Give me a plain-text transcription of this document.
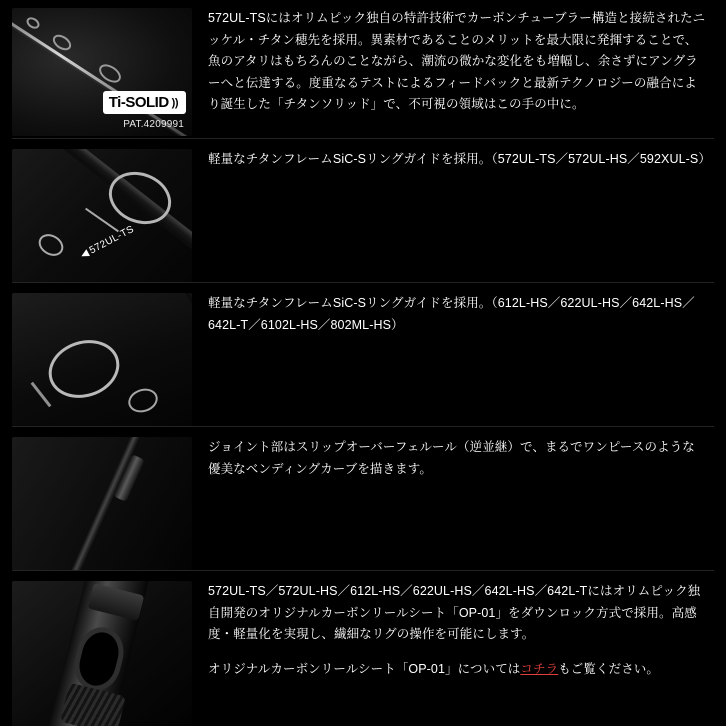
Ti-SOLID ))
PAT.4209991

572UL-TSにはオリムピック独自の特許技術でカーボンチューブラー構造と接続されたニッケル・チタン穂先を採用。異素材であることのメリットを最大限に発揮することで、魚のアタリはもちろんのことながら、潮流の微かな変化をも増幅し、余さずにアングラーへと伝達する。度重なるテストによるフィードバックと最新テクノロジーの融合により誕生した「チタンソリッド」で、不可視の領域はこの手の中に。

◀572UL-TS

軽量なチタンフレームSiC-Sリングガイドを採用。（572UL-TS／572UL-HS／592XUL-S）

軽量なチタンフレームSiC-Sリングガイドを採用。（612L-HS／622UL-HS／642L-HS／642L-T／6102L-HS／802ML-HS）

ジョイント部はスリップオーバーフェルール（逆並継）で、まるでワンピースのような優美なベンディングカーブを描きます。

572UL-TS／572UL-HS／612L-HS／622UL-HS／642L-HS／642L-Tにはオリムピック独自開発のオリジナルカーボンリールシート「OP-01」をダウンロック方式で採用。高感度・軽量化を実現し、繊細なリグの操作を可能にします。

オリジナルカーボンリールシート「OP-01」についてはコチラもご覧ください。
